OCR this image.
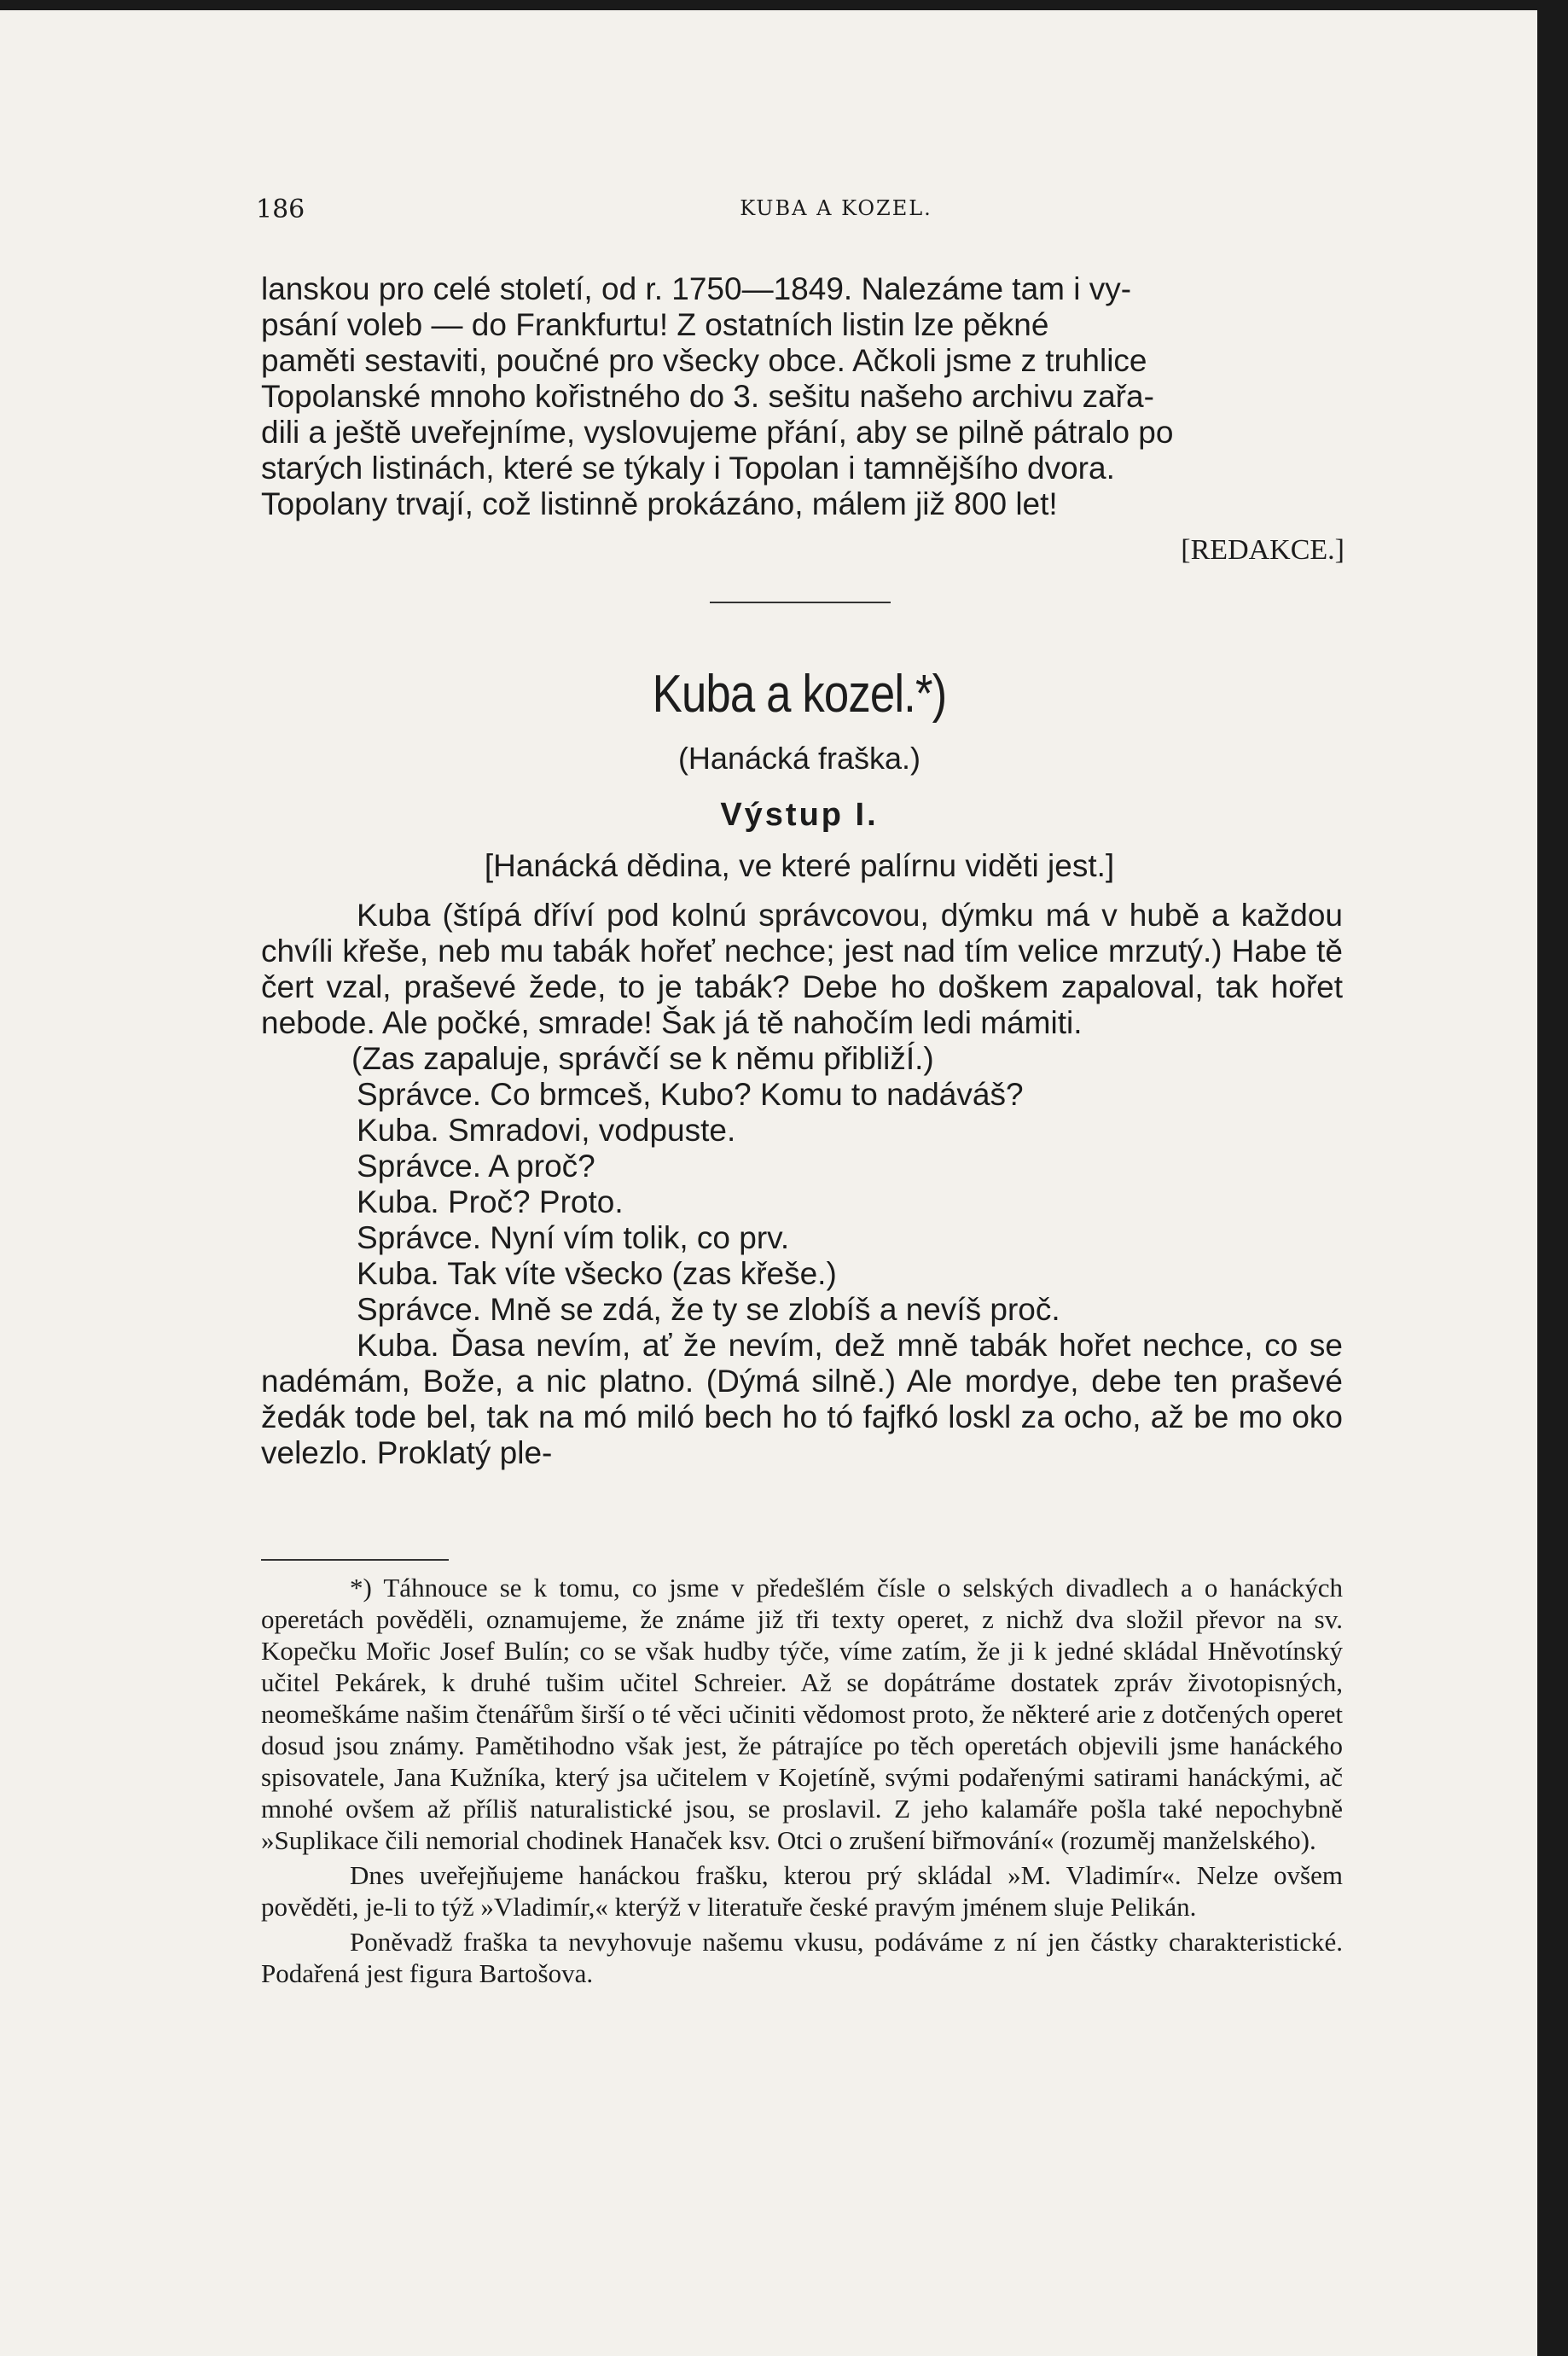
186	KUBA A KOZEL.

lanskou pro celé století, od r. 1750—1849. Nalezáme tam i vy-

psání voleb — do Frankfurtu! Z ostatních listin lze pěkné

paměti sestaviti, poučné pro všecky obce. Ačkoli jsme z truhlice

Topolanské mnoho kořistného do 3. sešitu našeho archivu zařa-

dili a ještě uveřejníme, vyslovujeme přání, aby se pilně pátralo po

starých listinách, které se týkaly i Topolan i tamnějšího dvora.

Topolany trvají, což listinně prokázáno, málem již 800 let!

[REDAKCE.]
Kuba a kozel.*)
(Hanácká fraška.)
Výstup I.
[Hanácká dědina, ve které palírnu viděti jest.]

Kuba (štípá dříví pod kolnú správcovou, dýmku má v hubě a každou chvíli křeše, neb mu tabák hořeť nechce; jest nad tím velice mrzutý.) Habe tě čert vzal, praševé žede, to je tabák? Debe ho doškem zapaloval, tak hořet nebode. Ale počké, smrade! Šak já tě nahočím ledi mámiti.

(Zas zapaluje, správčí se k němu přibližÍ.)

Správce. Co brmceš, Kubo? Komu to nadáváš?

Kuba. Smradovi, vodpuste.

Správce. A proč?

Kuba. Proč? Proto.

Správce. Nyní vím tolik, co prv.

Kuba. Tak víte všecko (zas křeše.)

Správce. Mně se zdá, že ty se zlobíš a nevíš proč.

Kuba. Ďasa nevím, ať že nevím, dež mně tabák hořet nechce, co se nadémám, Bože, a nic platno. (Dýmá silně.) Ale mordye, debe ten praševé žedák tode bel, tak na mó miló bech ho tó fajfkó loskl za ocho, až be mo oko velezlo. Proklatý ple-

*) Táhnouce se k tomu, co jsme v předešlém čísle o selských divadlech a o hanáckých operetách pověděli, oznamujeme, že známe již tři texty operet, z nichž dva složil převor na sv. Kopečku Mořic Josef Bulín; co se však hudby týče, víme zatím, že ji k jedné skládal Hněvotínský učitel Pekárek, k druhé tušim učitel Schreier. Až se dopátráme dostatek zpráv životopisných, neomeškáme našim čtenářům širší o té věci učiniti vědomost proto, že některé arie z dotčených operet dosud jsou známy. Pamětihodno však jest, že pátrajíce po těch operetách objevili jsme hanáckého spisovatele, Jana Kužníka, který jsa učitelem v Kojetíně, svými podařenými satirami hanáckými, ač mnohé ovšem až příliš naturalistické jsou, se proslavil. Z jeho kalamáře pošla také nepochybně »Suplikace čili nemorial chodinek Hanaček ksv. Otci o zrušení biřmování« (rozuměj manželského).

Dnes uveřejňujeme hanáckou frašku, kterou prý skládal »M. Vladimír«. Nelze ovšem pověděti, je-li to týž »Vladimír,« kterýž v literatuře české pravým jménem sluje Pelikán.

Poněvadž fraška ta nevyhovuje našemu vkusu, podáváme z ní jen částky charakteristické. Podařená jest figura Bartošova.
